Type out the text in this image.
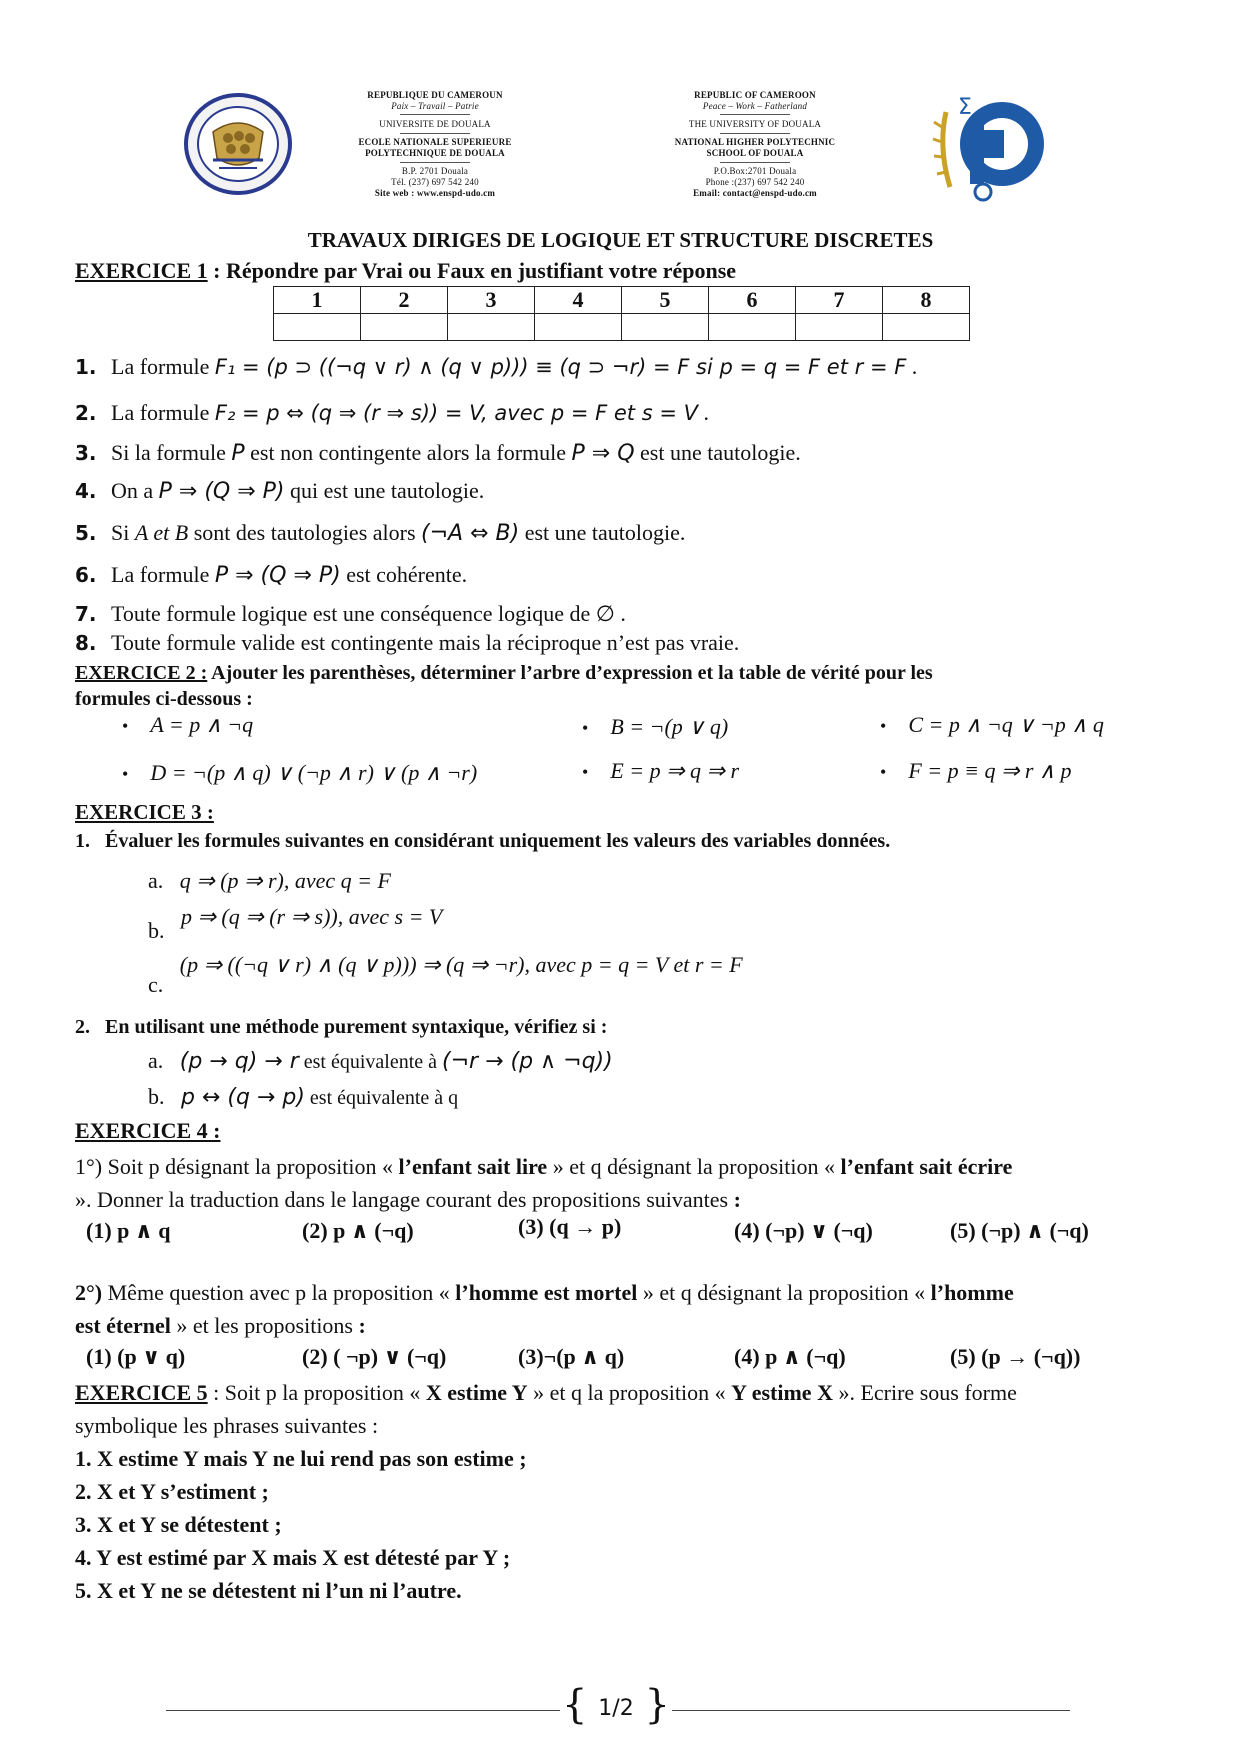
REPUBLIQUE DU CAMEROUN
Paix – Travail – Patrie
UNIVERSITE DE DOUALA
ECOLE NATIONALE SUPERIEURE
POLYTECHNIQUE DE DOUALA
B.P. 2701 Douala
Tél. (237) 697 542 240
Site web : www.enspd-udo.cm
REPUBLIC OF CAMEROON
Peace – Work – Fatherland
THE UNIVERSITY OF DOUALA
NATIONAL HIGHER POLYTECHNIC
SCHOOL OF DOUALA
P.O.Box:2701 Douala
Phone :(237) 697 542 240
Email: contact@enspd-udo.cm
Σ
TRAVAUX DIRIGES DE LOGIQUE ET STRUCTURE DISCRETES
EXERCICE 1 : Répondre par Vrai ou Faux en justifiant votre réponse
1	2	3	4	5	6	7	8

1. La formule F₁ = (p ⊃ ((¬q ∨ r) ∧ (q ∨ p))) ≡ (q ⊃ ¬r) = F si p = q = F et r = F .
2. La formule F₂ = p ⇔ (q ⇒ (r ⇒ s)) = V, avec p = F et s = V .
3. Si la formule P est non contingente alors la formule P ⇒ Q est une tautologie.
4. On a P ⇒ (Q ⇒ P) qui est une tautologie.
5. Si A et B sont des tautologies alors (¬A ⇔ B) est une tautologie.
6. La formule P ⇒ (Q ⇒ P) est cohérente.
7. Toute formule logique est une conséquence logique de ∅ .
8. Toute formule valide est contingente mais la réciproque n’est pas vraie.
EXERCICE 2 : Ajouter les parenthèses, déterminer l’arbre d’expression et la table de vérité pour les
formules ci-dessous :
• A = p ∧ ¬q	• B = ¬(p ∨ q)	• C = p ∧ ¬q ∨ ¬p ∧ q
• D = ¬(p ∧ q) ∨ (¬p ∧ r) ∨ (p ∧ ¬r)	• E = p ⇒ q ⇒ r	• F = p ≡ q ⇒ r ∧ p
EXERCICE 3 :
1.   Évaluer les formules suivantes en considérant uniquement les valeurs des variables données.
a. q ⇒ (p ⇒ r), avec q = F
b.   p ⇒ (q ⇒ (r ⇒ s)), avec s = V
c.   (p ⇒ ((¬q ∨ r) ∧ (q ∨ p))) ⇒ (q ⇒ ¬r), avec p = q = V et r = F
2.   En utilisant une méthode purement syntaxique, vérifiez si :
a. (p → q) → r est équivalente à (¬r → (p ∧ ¬q))
b. p ↔ (q → p) est équivalente à q
EXERCICE 4 :
1°) Soit p désignant la proposition « l’enfant sait lire » et q désignant la proposition « l’enfant sait écrire
». Donner la traduction dans le langage courant des propositions suivantes :
(1) p ∧ q	(2) p ∧ (¬q)	(3) (q → p)	(4) (¬p) ∨ (¬q)	(5) (¬p) ∧ (¬q)
2°) Même question avec p la proposition « l’homme est mortel » et q désignant la proposition « l’homme
est éternel » et les propositions :
(1) (p ∨ q)	(2) ( ¬p) ∨ (¬q)	(3)¬(p ∧ q)	(4) p ∧ (¬q)	(5) (p → (¬q))
EXERCICE 5 : Soit p la proposition « X estime Y » et q la proposition « Y estime X ». Ecrire sous forme
symbolique les phrases suivantes :
1. X estime Y mais Y ne lui rend pas son estime ;
2. X et Y s’estiment ;
3. X et Y se détestent ;
4. Y est estimé par X mais X est détesté par Y ;
5. X et Y ne se détestent ni l’un ni l’autre.
{ 1/2 }
